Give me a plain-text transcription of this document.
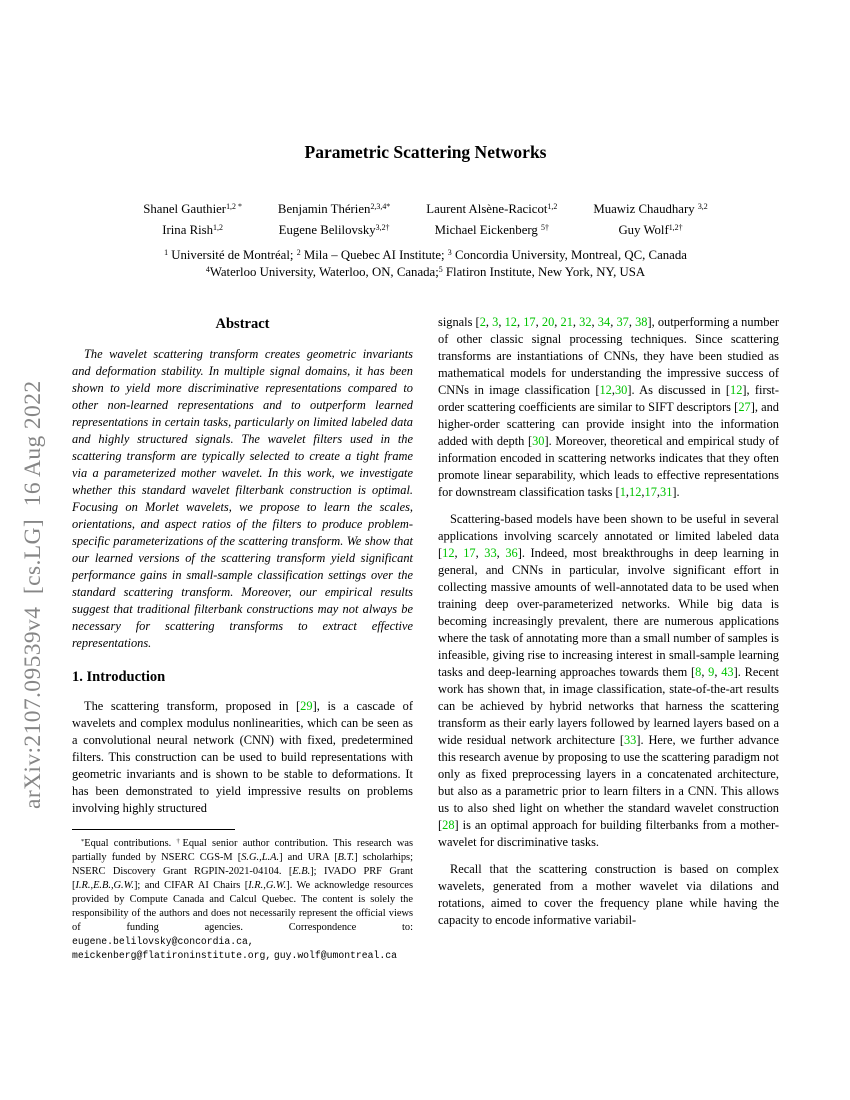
arXiv:2107.09539v4  [cs.LG]  16 Aug 2022
Parametric Scattering Networks
Shanel Gauthier$^{1,2 *}$	Benjamin Thérien$^{2,3,4*}$	Laurent Alsène-Racicot$^{1,2}$	Muawiz Chaudhary $^{3,2}$
Irina Rish$^{1,2}$	Eugene Belilovsky$^{3,2\dagger}$	Michael Eickenberg $^{5\dagger}$	Guy Wolf$^{1,2\dagger}$
$^1$ Université de Montréal; $^2$ Mila – Quebec AI Institute; $^3$ Concordia University, Montreal, QC, Canada
$^4$Waterloo University, Waterloo, ON, Canada;$^5$ Flatiron Institute, New York, NY, USA
Abstract

The wavelet scattering transform creates geometric invariants and deformation stability. In multiple signal domains, it has been shown to yield more discriminative representations compared to other non-learned representations and to outperform learned representations in certain tasks, particularly on limited labeled data and highly structured signals. The wavelet filters used in the scattering transform are typically selected to create a tight frame via a parameterized mother wavelet. In this work, we investigate whether this standard wavelet filterbank construction is optimal. Focusing on Morlet wavelets, we propose to learn the scales, orientations, and aspect ratios of the filters to produce problem-specific parameterizations of the scattering transform. We show that our learned versions of the scattering transform yield significant performance gains in small-sample classification settings over the standard scattering transform. Moreover, our empirical results suggest that traditional filterbank constructions may not always be necessary for scattering transforms to extract effective representations.

1. Introduction

The scattering transform, proposed in [29], is a cascade of wavelets and complex modulus nonlinearities, which can be seen as a convolutional neural network (CNN) with fixed, predetermined filters. This construction can be used to build representations with geometric invariants and is shown to be stable to deformations. It has been demonstrated to yield impressive results on problems involving highly structured

*Equal contributions. †Equal senior author contribution. This research was partially funded by NSERC CGS-M [S.G.,L.A.] and URA [B.T.] scholarhips; NSERC Discovery Grant RGPIN-2021-04104. [E.B.]; IVADO PRF Grant [I.R.,E.B.,G.W.]; and CIFAR AI Chairs [I.R.,G.W.]. We acknowledge resources provided by Compute Canada and Calcul Quebec. The content is solely the responsibility of the authors and does not necessarily represent the official views of funding agencies. Correspondence to: eugene.belilovsky@concordia.ca, meickenberg@flatironinstitute.org, guy.wolf@umontreal.ca

signals [2, 3, 12, 17, 20, 21, 32, 34, 37, 38], outperforming a number of other classic signal processing techniques. Since scattering transforms are instantiations of CNNs, they have been studied as mathematical models for understanding the impressive success of CNNs in image classification [12,30]. As discussed in [12], first-order scattering coefficients are similar to SIFT descriptors [27], and higher-order scattering can provide insight into the information added with depth [30]. Moreover, theoretical and empirical study of information encoded in scattering networks indicates that they often promote linear separability, which leads to effective representations for downstream classification tasks [1,12,17,31].

Scattering-based models have been shown to be useful in several applications involving scarcely annotated or limited labeled data [12, 17, 33, 36]. Indeed, most breakthroughs in deep learning in general, and CNNs in particular, involve significant effort in collecting massive amounts of well-annotated data to be used when training deep over-parameterized networks. While big data is becoming increasingly prevalent, there are numerous applications where the task of annotating more than a small number of samples is infeasible, giving rise to increasing interest in small-sample learning tasks and deep-learning approaches towards them [8, 9, 43]. Recent work has shown that, in image classification, state-of-the-art results can be achieved by hybrid networks that harness the scattering transform as their early layers followed by learned layers based on a wide residual network architecture [33]. Here, we further advance this research avenue by proposing to use the scattering paradigm not only as fixed preprocessing layers in a concatenated architecture, but also as a parametric prior to learn filters in a CNN. This allows us to also shed light on whether the standard wavelet construction [28] is an optimal approach for building filterbanks from a mother-wavelet for discriminative tasks.

Recall that the scattering construction is based on complex wavelets, generated from a mother wavelet via dilations and rotations, aimed to cover the frequency plane while having the capacity to encode informative variabil-
